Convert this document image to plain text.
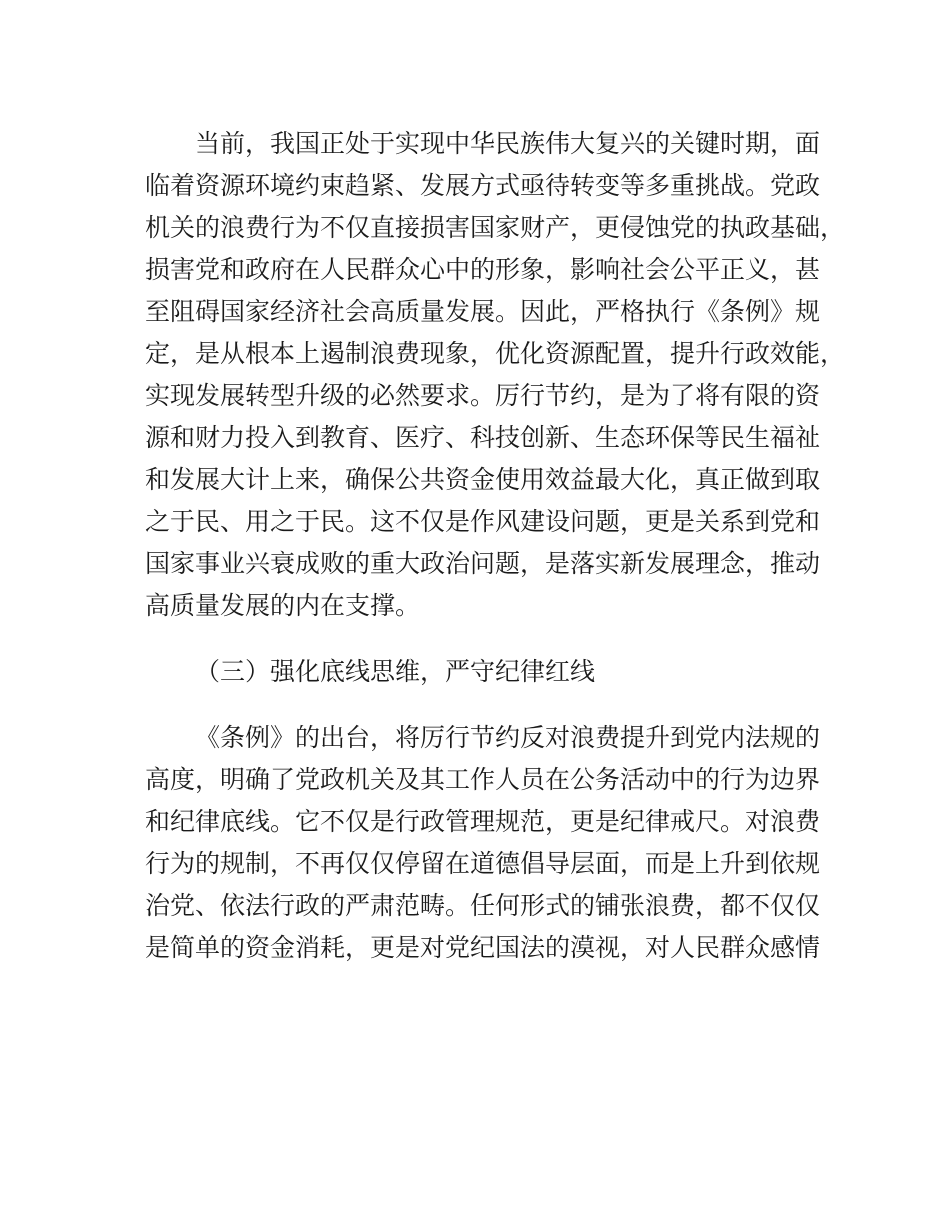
当前，我国正处于实现中华民族伟大复兴的关键时期，面
临着资源环境约束趋紧、发展方式亟待转变等多重挑战。党政
机关的浪费行为不仅直接损害国家财产，更侵蚀党的执政基础，
损害党和政府在人民群众心中的形象，影响社会公平正义，甚
至阻碍国家经济社会高质量发展。因此，严格执行《条例》规
定，是从根本上遏制浪费现象，优化资源配置，提升行政效能，
实现发展转型升级的必然要求。厉行节约，是为了将有限的资
源和财力投入到教育、医疗、科技创新、生态环保等民生福祉
和发展大计上来，确保公共资金使用效益最大化，真正做到取
之于民、用之于民。这不仅是作风建设问题，更是关系到党和
国家事业兴衰成败的重大政治问题，是落实新发展理念，推动
高质量发展的内在支撑。
（三）强化底线思维，严守纪律红线
《条例》的出台，将厉行节约反对浪费提升到党内法规的
高度，明确了党政机关及其工作人员在公务活动中的行为边界
和纪律底线。它不仅是行政管理规范，更是纪律戒尺。对浪费
行为的规制，不再仅仅停留在道德倡导层面，而是上升到依规
治党、依法行政的严肃范畴。任何形式的铺张浪费，都不仅仅
是简单的资金消耗，更是对党纪国法的漠视，对人民群众感情
